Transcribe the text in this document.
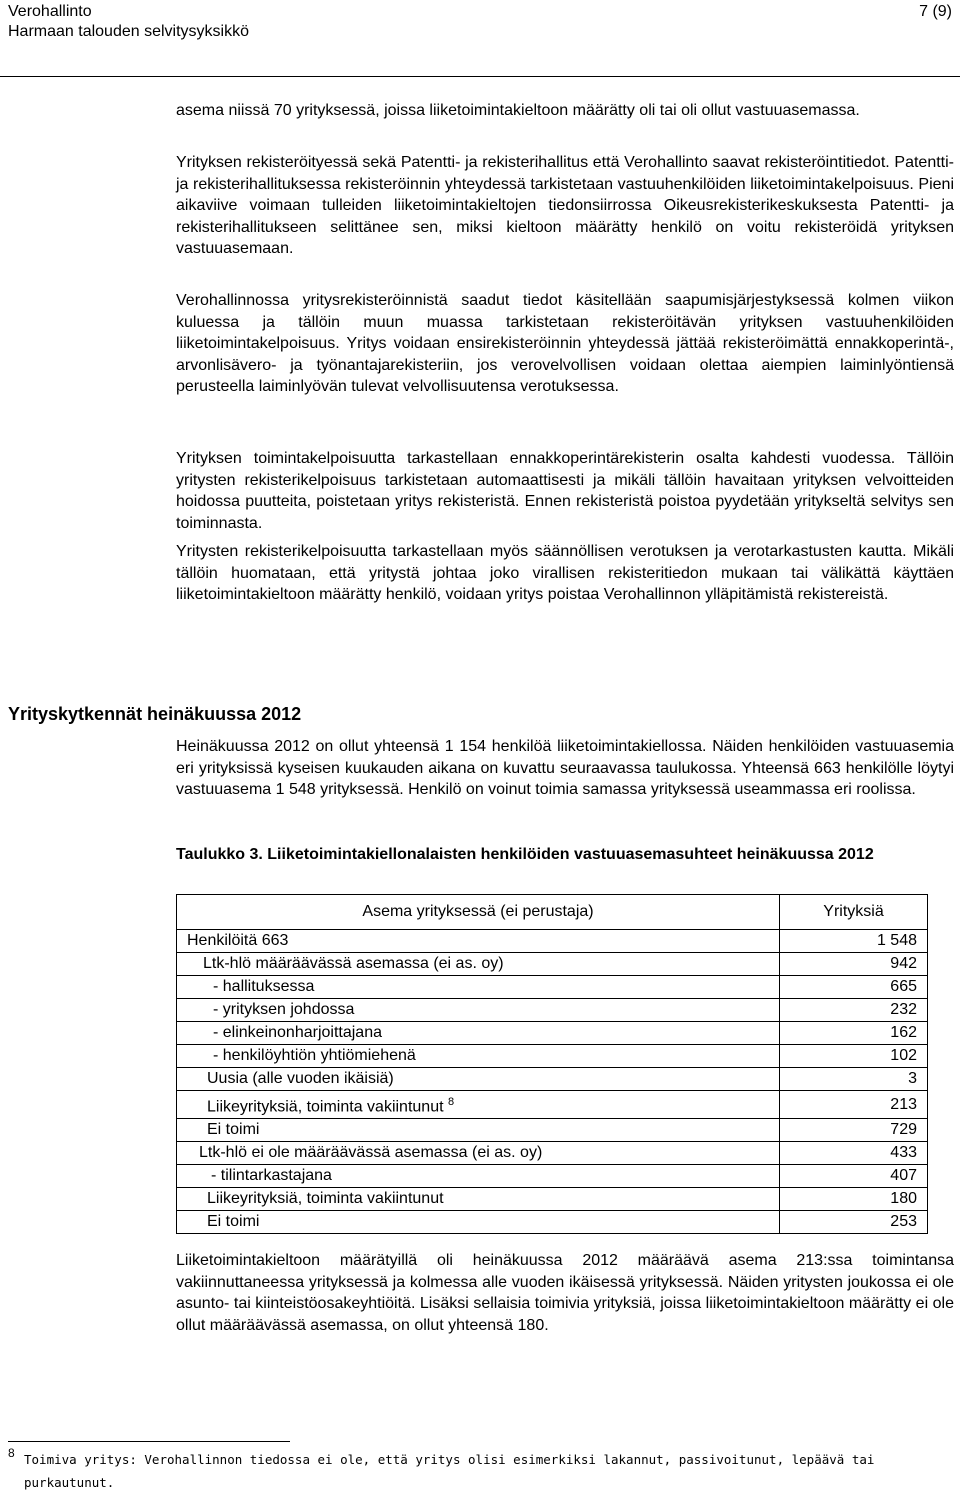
Verohallinto	7 (9)
Harmaan talouden selvitysyksikkö

asema niissä 70 yrityksessä, joissa liiketoimintakieltoon määrätty oli tai oli ollut vastuuasemassa.

Yrityksen rekisteröityessä sekä Patentti- ja rekisterihallitus että Verohallinto saavat rekisteröintitiedot. Patentti- ja rekisterihallituksessa rekisteröinnin yhteydessä tarkistetaan vastuuhenkilöiden liiketoimintakelpoisuus. Pieni aikaviive voimaan tulleiden liiketoimintakieltojen tiedonsiirrossa Oikeusrekisterikeskuksesta Patentti- ja rekisterihallitukseen selittänee sen, miksi kieltoon määrätty henkilö on voitu rekisteröidä yrityksen vastuuasemaan.

Verohallinnossa yritysrekisteröinnistä saadut tiedot käsitellään saapumisjärjestyksessä kolmen viikon kuluessa ja tällöin muun muassa tarkistetaan rekisteröitävän yrityksen vastuuhenkilöiden liiketoimintakelpoisuus. Yritys voidaan ensirekisteröinnin yhteydessä jättää rekisteröimättä ennakkoperintä-, arvonlisävero- ja työnantajarekisteriin, jos verovelvollisen voidaan olettaa aiempien laiminlyöntiensä perusteella laiminlyövän tulevat velvollisuutensa verotuksessa.

Yrityksen toimintakelpoisuutta tarkastellaan ennakkoperintärekisterin osalta kahdesti vuodessa. Tällöin yritysten rekisterikelpoisuus tarkistetaan automaattisesti ja mikäli tällöin havaitaan yrityksen velvoitteiden hoidossa puutteita, poistetaan yritys rekisteristä. Ennen rekisteristä poistoa pyydetään yritykseltä selvitys sen toiminnasta.

Yritysten rekisterikelpoisuutta tarkastellaan myös säännöllisen verotuksen ja verotarkastusten kautta. Mikäli tällöin huomataan, että yritystä johtaa joko virallisen rekisteritiedon mukaan tai välikättä käyttäen liiketoimintakieltoon määrätty henkilö, voidaan yritys poistaa Verohallinnon ylläpitämistä rekistereistä.

Yrityskytkennät heinäkuussa 2012

Heinäkuussa 2012 on ollut yhteensä 1 154 henkilöä liiketoimintakiellossa. Näiden henkilöiden vastuuasemia eri yrityksissä kyseisen kuukauden aikana on kuvattu seuraavassa taulukossa. Yhteensä 663 henkilölle löytyi vastuuasema 1 548 yrityksessä. Henkilö on voinut toimia samassa yrityksessä useammassa eri roolissa.

Taulukko 3. Liiketoimintakiellonalaisten henkilöiden vastuuasemasuhteet heinäkuussa 2012

Asema yrityksessä (ei perustaja)	Yrityksiä
Henkilöitä 663	1 548
Ltk-hlö määräävässä asemassa (ei as. oy)	942
- hallituksessa	665
- yrityksen johdossa	232
- elinkeinonharjoittajana	162
- henkilöyhtiön yhtiömiehenä	102
Uusia (alle vuoden ikäisiä)	3
Liikeyrityksiä, toiminta vakiintunut $^8$	213
Ei toimi	729
Ltk-hlö ei ole määräävässä asemassa (ei as. oy)	433
- tilintarkastajana	407
Liikeyrityksiä, toiminta vakiintunut	180
Ei toimi	253

Liiketoimintakieltoon määrätyillä oli heinäkuussa 2012 määräävä asema 213:ssa toimintansa vakiinnuttaneessa yrityksessä ja kolmessa alle vuoden ikäisessä yrityksessä. Näiden yritysten joukossa ei ole asunto- tai kiinteistöosakeyhtiöitä. Lisäksi sellaisia toimivia yrityksiä, joissa liiketoimintakieltoon määrätty ei ole ollut määräävässä asemassa, on ollut yhteensä 180.

8 Toimiva yritys: Verohallinnon tiedossa ei ole, että yritys olisi esimerkiksi lakannut, passivoitunut, lepäävä tai purkautunut.
